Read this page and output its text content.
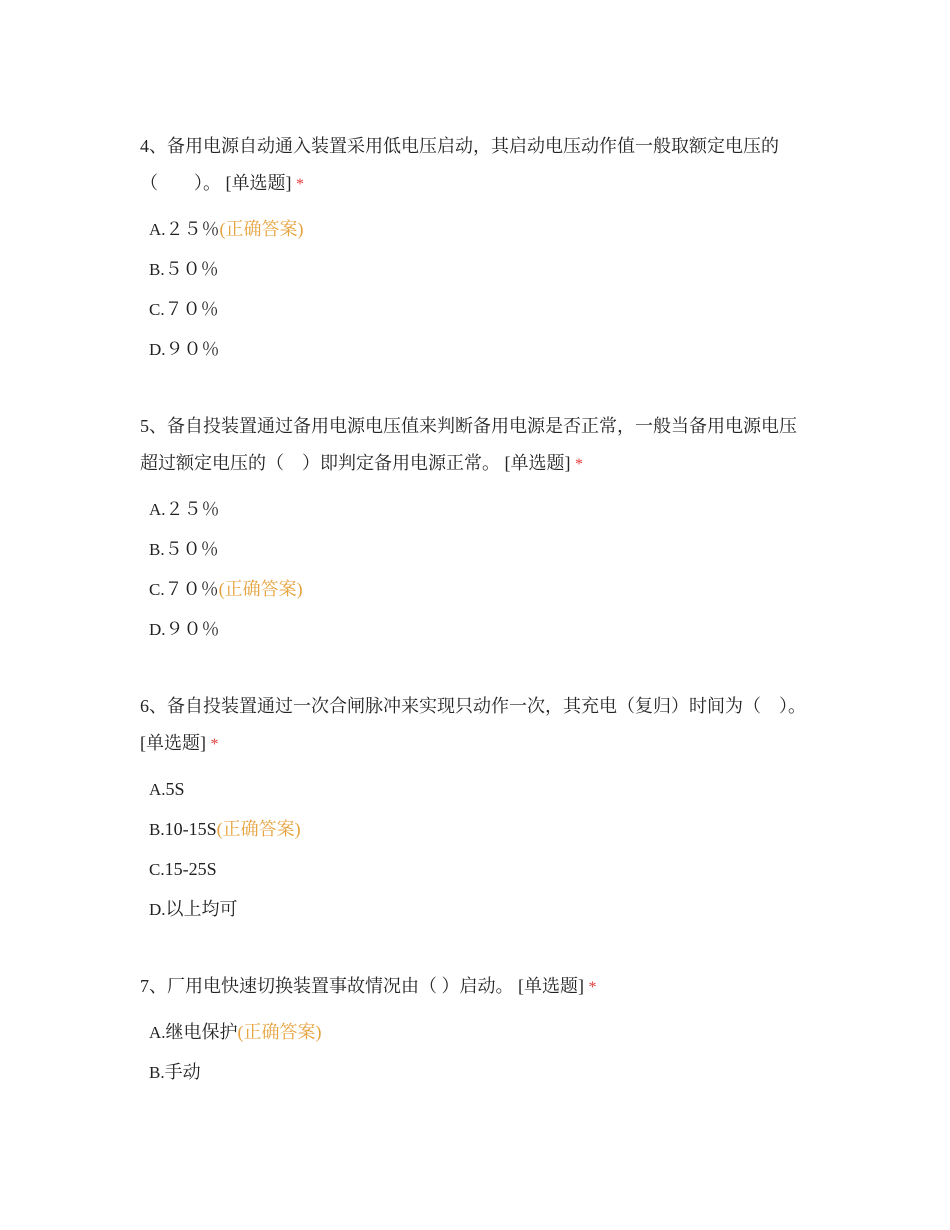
4、备用电源自动通入装置采用低电压启动，其启动电压动作值一般取额定电压的（　　）。 [单选题] *

A.２５％(正确答案)
B.５０％
C.７０％
D.９０％

5、备自投装置通过备用电源电压值来判断备用电源是否正常，一般当备用电源电压超过额定电压的（　）即判定备用电源正常。 [单选题] *

A.２５％
B.５０％
C.７０％(正确答案)
D.９０％

6、备自投装置通过一次合闸脉冲来实现只动作一次，其充电（复归）时间为（　）。 [单选题] *

A.5S
B.10-15S(正确答案)
C.15-25S
D.以上均可

7、厂用电快速切换装置事故情况由（ ）启动。 [单选题] *

A.继电保护(正确答案)
B.手动
